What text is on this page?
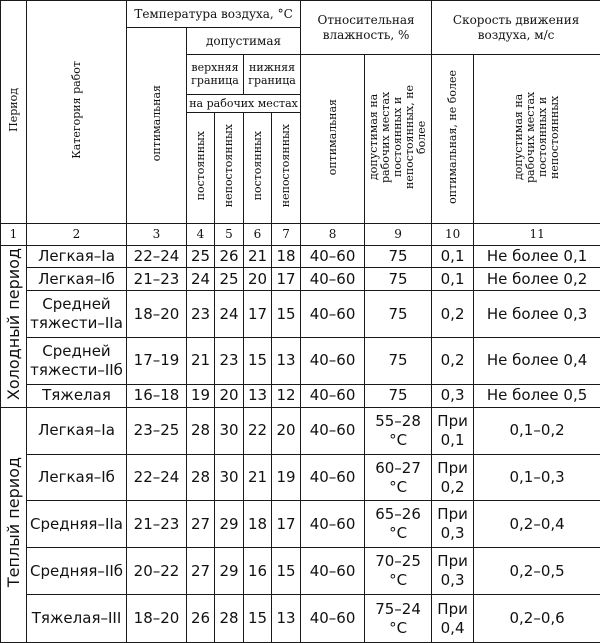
Период	Категория работ	Температура воздуха, °С					Относительная влажность, %		Скорость движения воздуха, м/с	
		оптимальная	допустимая							
			верхняя граница		нижняя граница		оптимальная	допустимая на рабочих местах постоянных и непостоянных, не более	оптимальная, не более	допустимая на рабочих местах постоянных и непостоянных
			на рабочих местах							
			постоянных	непостоянных	постоянных	непостоянных				
1	2	3	4	5	6	7	8	9	10	11
Холодный период	Легкая–Ia	22–24	25	26	21	18	40–60	75	0,1	Не более 0,1
	Легкая–Iб	21–23	24	25	20	17	40–60	75	0,1	Не более 0,2
	Средней тяжести–IIа	18–20	23	24	17	15	40–60	75	0,2	Не более 0,3
	Средней тяжести–IIб	17–19	21	23	15	13	40–60	75	0,2	Не более 0,4
	Тяжелая	16–18	19	20	13	12	40–60	75	0,3	Не более 0,5
Теплый период	Легкая–Ia	23–25	28	30	22	20	40–60	55–28 °С	При 0,1	0,1–0,2
	Легкая–Iб	22–24	28	30	21	19	40–60	60–27 °С	При 0,2	0,1–0,3
	Средняя–IIа	21–23	27	29	18	17	40–60	65–26 °С	При 0,3	0,2–0,4
	Средняя–IIб	20–22	27	29	16	15	40–60	70–25 °С	При 0,3	0,2–0,5
	Тяжелая–III	18–20	26	28	15	13	40–60	75–24 °С	При 0,4	0,2–0,6
